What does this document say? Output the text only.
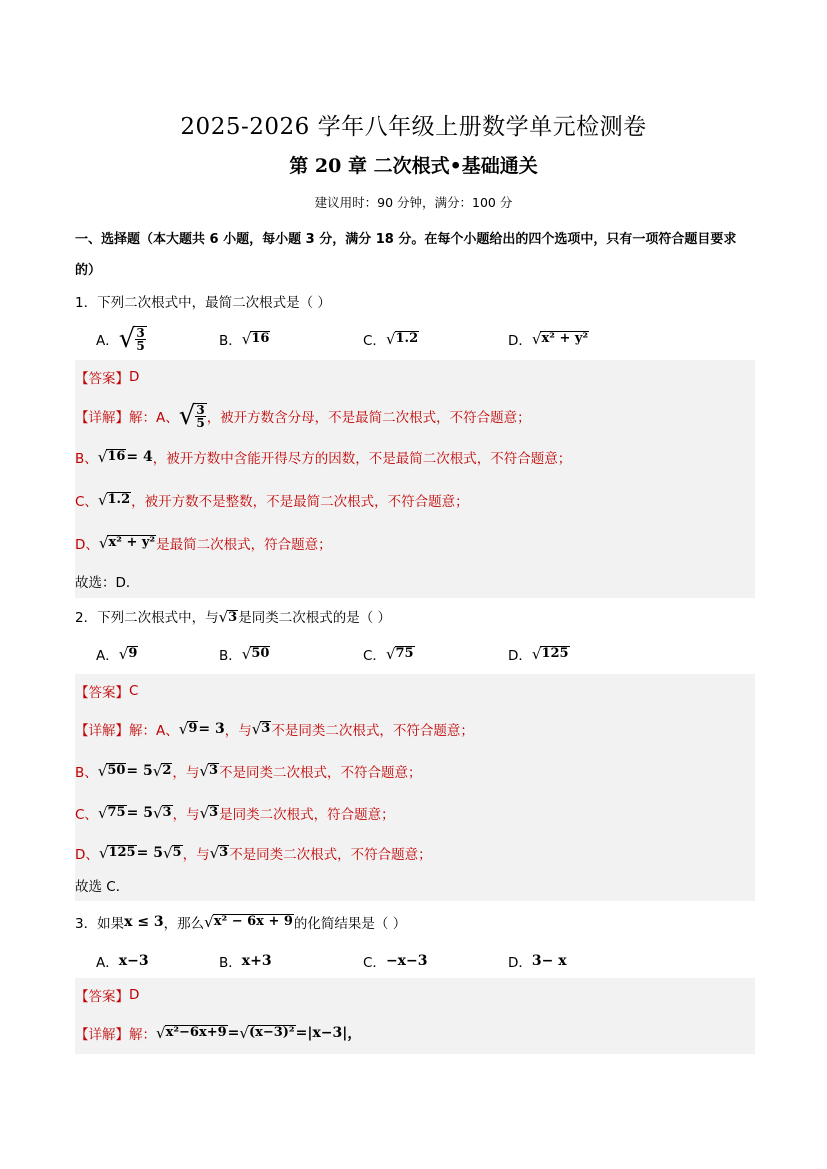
2025-2026 学年八年级上册数学单元检测卷
第 20 章 二次根式•基础通关
建议用时：90 分钟，满分：100 分
一、选择题（本大题共 6 小题，每小题 3 分，满分 18 分。在每个小题给出的四个选项中，只有一项符合题目要求的）
1．下列二次根式中，最简二次根式是（ ）
A． √ $\frac{3}{5}$	B． √ 16	C． √ 1.2	D． √ x² + y²
【答案】 D
【详解】 解：A、 √ $\frac{3}{5}$ ，被开方数含分母，不是最简二次根式，不符合题意；
B、 √ 16 = 4 ，被开方数中含能开得尽方的因数，不是最简二次根式，不符合题意；
C、 √ 1.2 ，被开方数不是整数，不是最简二次根式，不符合题意；
D、 √ x² + y² 是最简二次根式，符合题意；
故选：D．
2．下列二次根式中，与 √ 3 是同类二次根式的是（ ）
A． √ 9	B． √ 50	C． √ 75	D． √ 125
【答案】 C
【详解】 解：A、 √ 9 = 3 ，与 √ 3 不是同类二次根式，不符合题意；
B、 √ 50 = 5 √ 2 ，与 √ 3 不是同类二次根式，不符合题意；
C、 √ 75 = 5 √ 3 ，与 √ 3 是同类二次根式，符合题意；
D、 √ 125 = 5 √ 5 ，与 √ 3 不是同类二次根式，不符合题意；
故选 C．
3．如果 x ≤ 3 ，那么 √ x² − 6x + 9 的化简结果是（ ）
A． x−3	B． x+3	C． −x−3	D． 3− x
【答案】 D
【详解】 解： √ x²−6x+9 = √ (x−3)² = |x−3| ，
